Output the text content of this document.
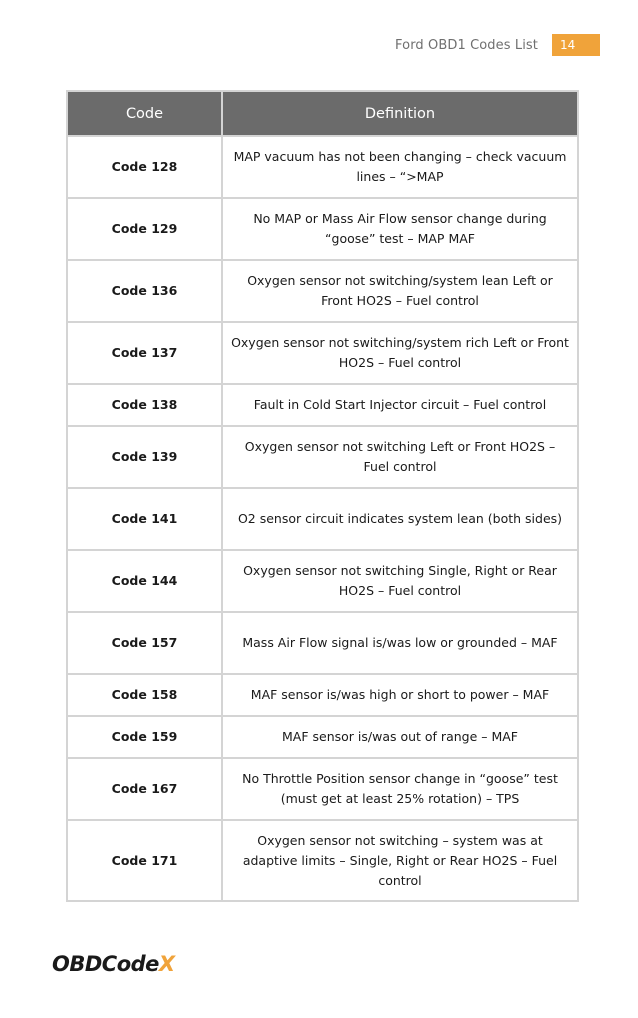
Ford OBD1 Codes List	14
Code	Definition
Code 128	MAP vacuum has not been changing – check vacuum lines – “>MAP
Code 129	No MAP or Mass Air Flow sensor change during “goose” test – MAP MAF
Code 136	Oxygen sensor not switching/system lean Left or Front HO2S – Fuel control
Code 137	Oxygen sensor not switching/system rich Left or Front HO2S – Fuel control
Code 138	Fault in Cold Start Injector circuit – Fuel control
Code 139	Oxygen sensor not switching Left or Front HO2S – Fuel control
Code 141	O2 sensor circuit indicates system lean (both sides)
Code 144	Oxygen sensor not switching Single, Right or Rear HO2S – Fuel control
Code 157	Mass Air Flow signal is/was low or grounded – MAF
Code 158	MAF sensor is/was high or short to power – MAF
Code 159	MAF sensor is/was out of range – MAF
Code 167	No Throttle Position sensor change in “goose” test (must get at least 25% rotation) – TPS
Code 171	Oxygen sensor not switching – system was at adaptive limits – Single, Right or Rear HO2S – Fuel control
OBDCodeX
